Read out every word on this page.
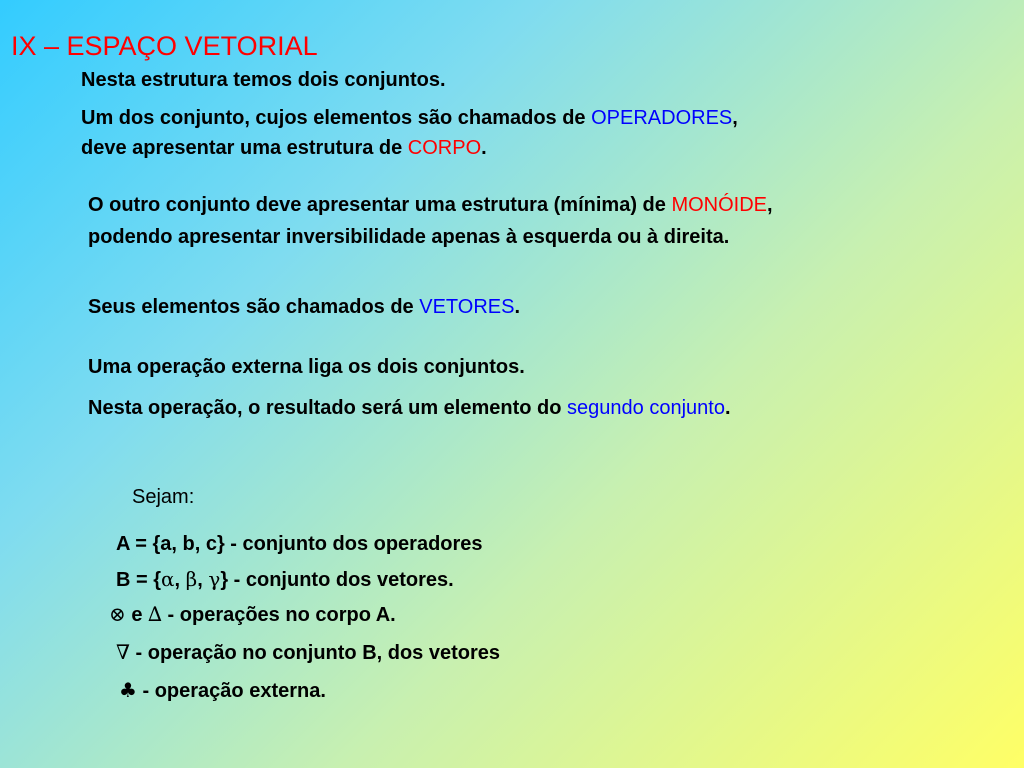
IX – ESPAÇO VETORIAL
Nesta estrutura temos dois conjuntos.
Um dos conjunto, cujos elementos são chamados de OPERADORES,
deve apresentar uma estrutura de CORPO.
O outro conjunto deve apresentar uma estrutura (mínima) de MONÓIDE,
podendo apresentar inversibilidade apenas à esquerda ou à direita.
Seus elementos são chamados de VETORES.
Uma operação externa liga os dois conjuntos.
Nesta operação, o resultado será um elemento do segundo conjunto.
Sejam:
A = {a, b, c} - conjunto dos operadores
B = {α, β, γ} - conjunto dos vetores.
⊗ e ∆ - operações no corpo A.
∇ - operação no conjunto B, dos vetores
♣ - operação externa.
